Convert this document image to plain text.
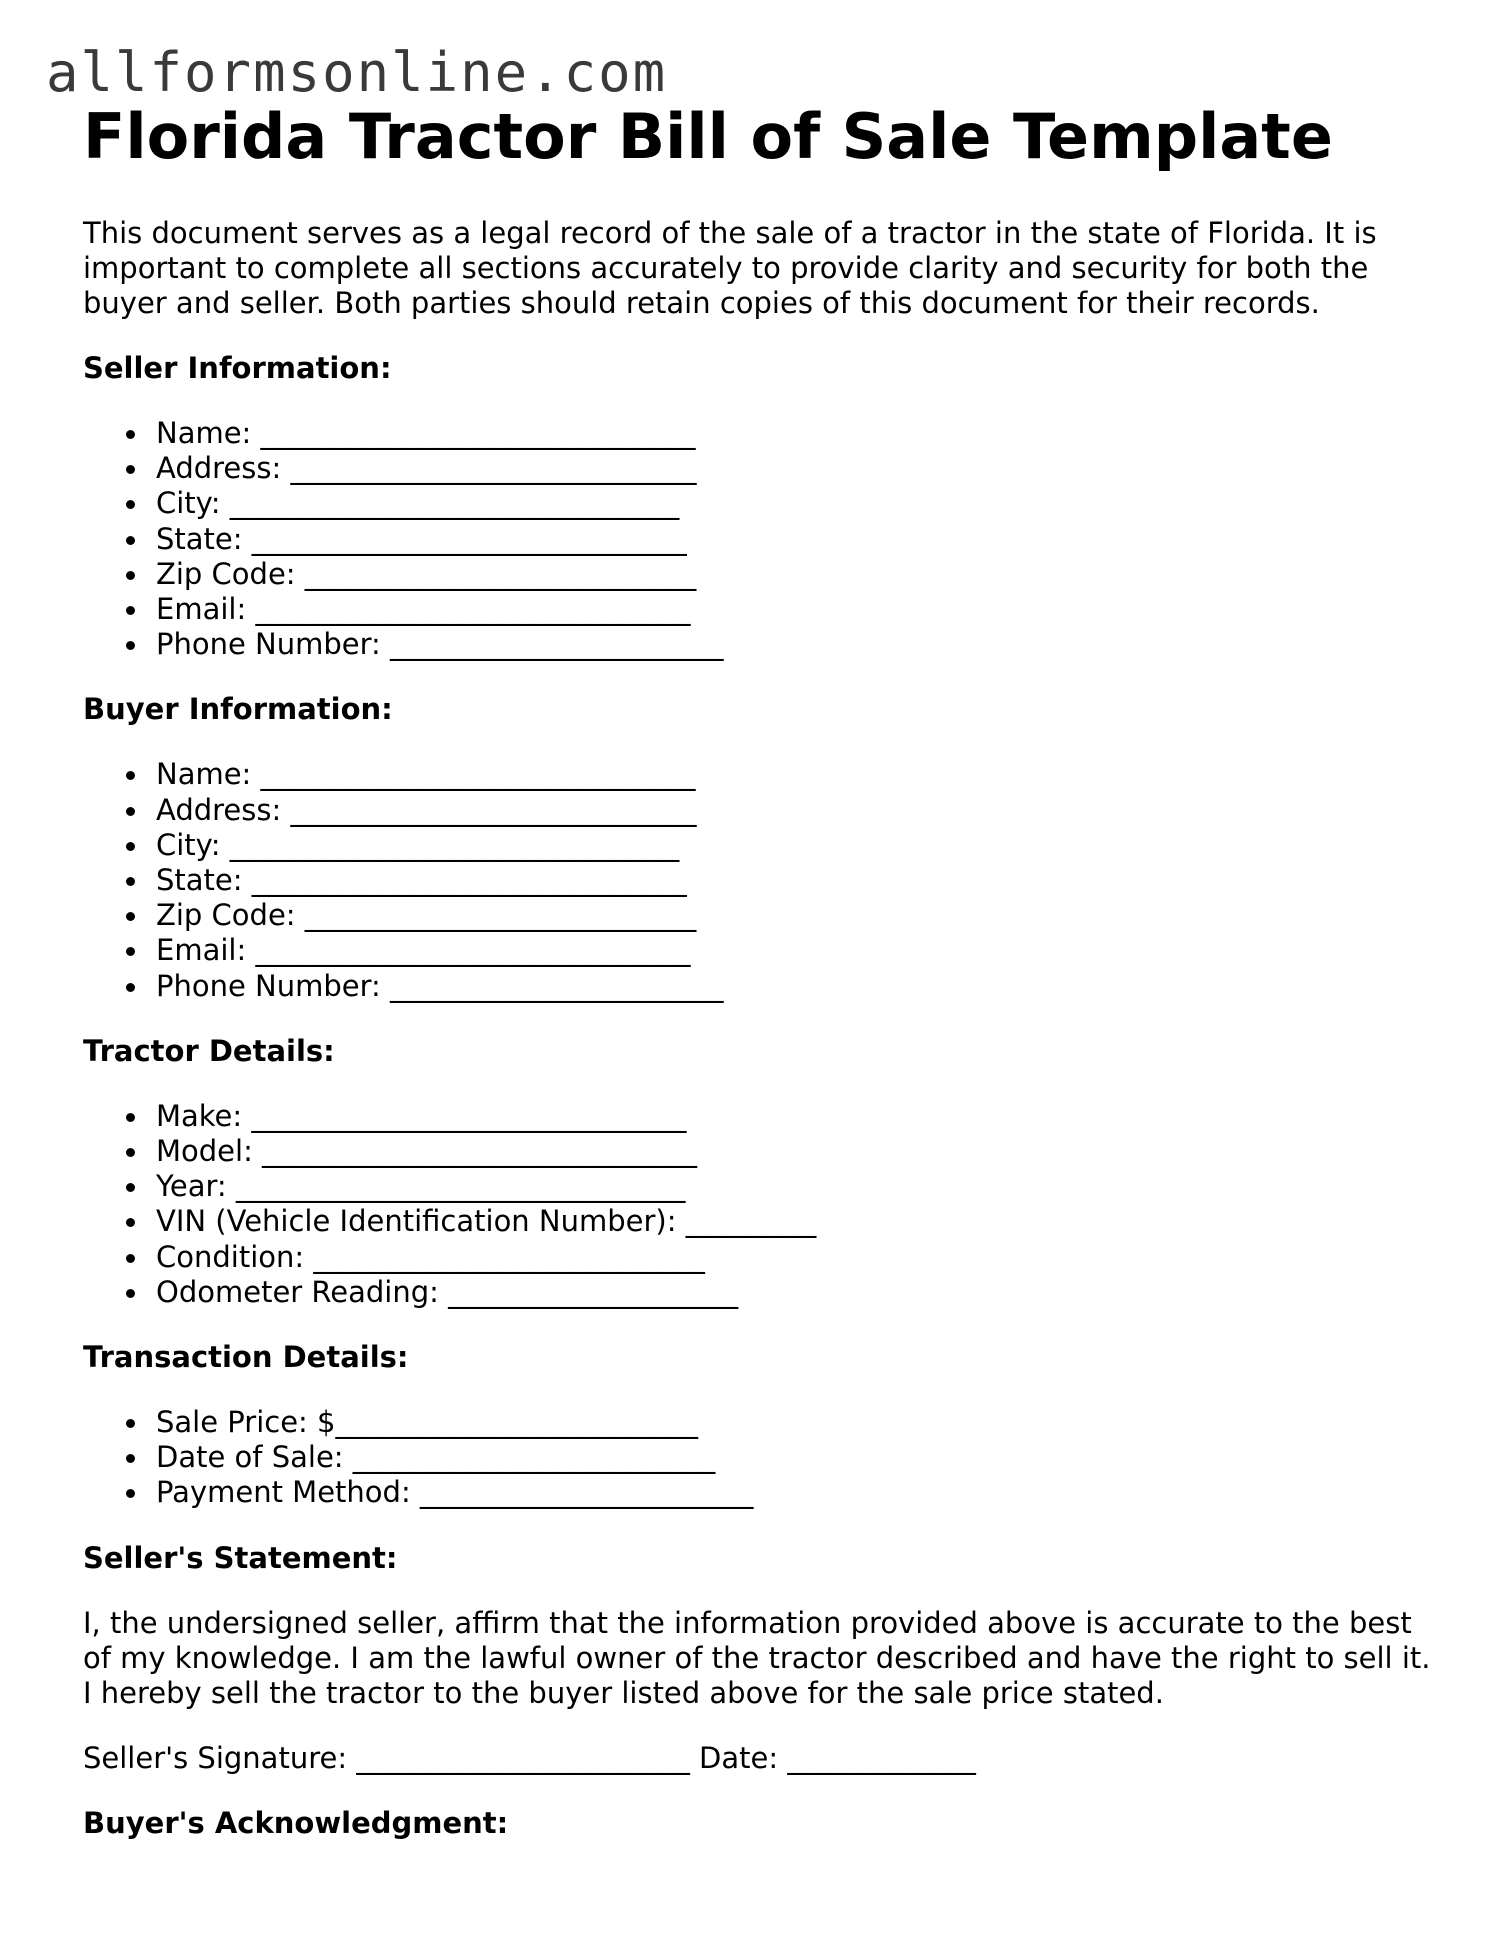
allformsonline.com
Florida Tractor Bill of Sale Template

This document serves as a legal record of the sale of a tractor in the state of Florida. It is important to complete all sections accurately to provide clarity and security for both the buyer and seller. Both parties should retain copies of this document for their records.

Seller Information:
Name: ______________________________
Address: ____________________________
City: _______________________________
State: ______________________________
Zip Code: ___________________________
Email: ______________________________
Phone Number: _______________________
Buyer Information:
Name: ______________________________
Address: ____________________________
City: _______________________________
State: ______________________________
Zip Code: ___________________________
Email: ______________________________
Phone Number: _______________________
Tractor Details:
Make: ______________________________
Model: ______________________________
Year: _______________________________
VIN (Vehicle Identification Number): _________
Condition: ___________________________
Odometer Reading: ____________________
Transaction Details:
Sale Price: $_________________________
Date of Sale: _________________________
Payment Method: _______________________
Seller's Statement:

I, the undersigned seller, affirm that the information provided above is accurate to the best of my knowledge. I am the lawful owner of the tractor described and have the right to sell it. I hereby sell the tractor to the buyer listed above for the sale price stated.

Seller's Signature: _______________________ Date: _____________
Buyer's Acknowledgment:
